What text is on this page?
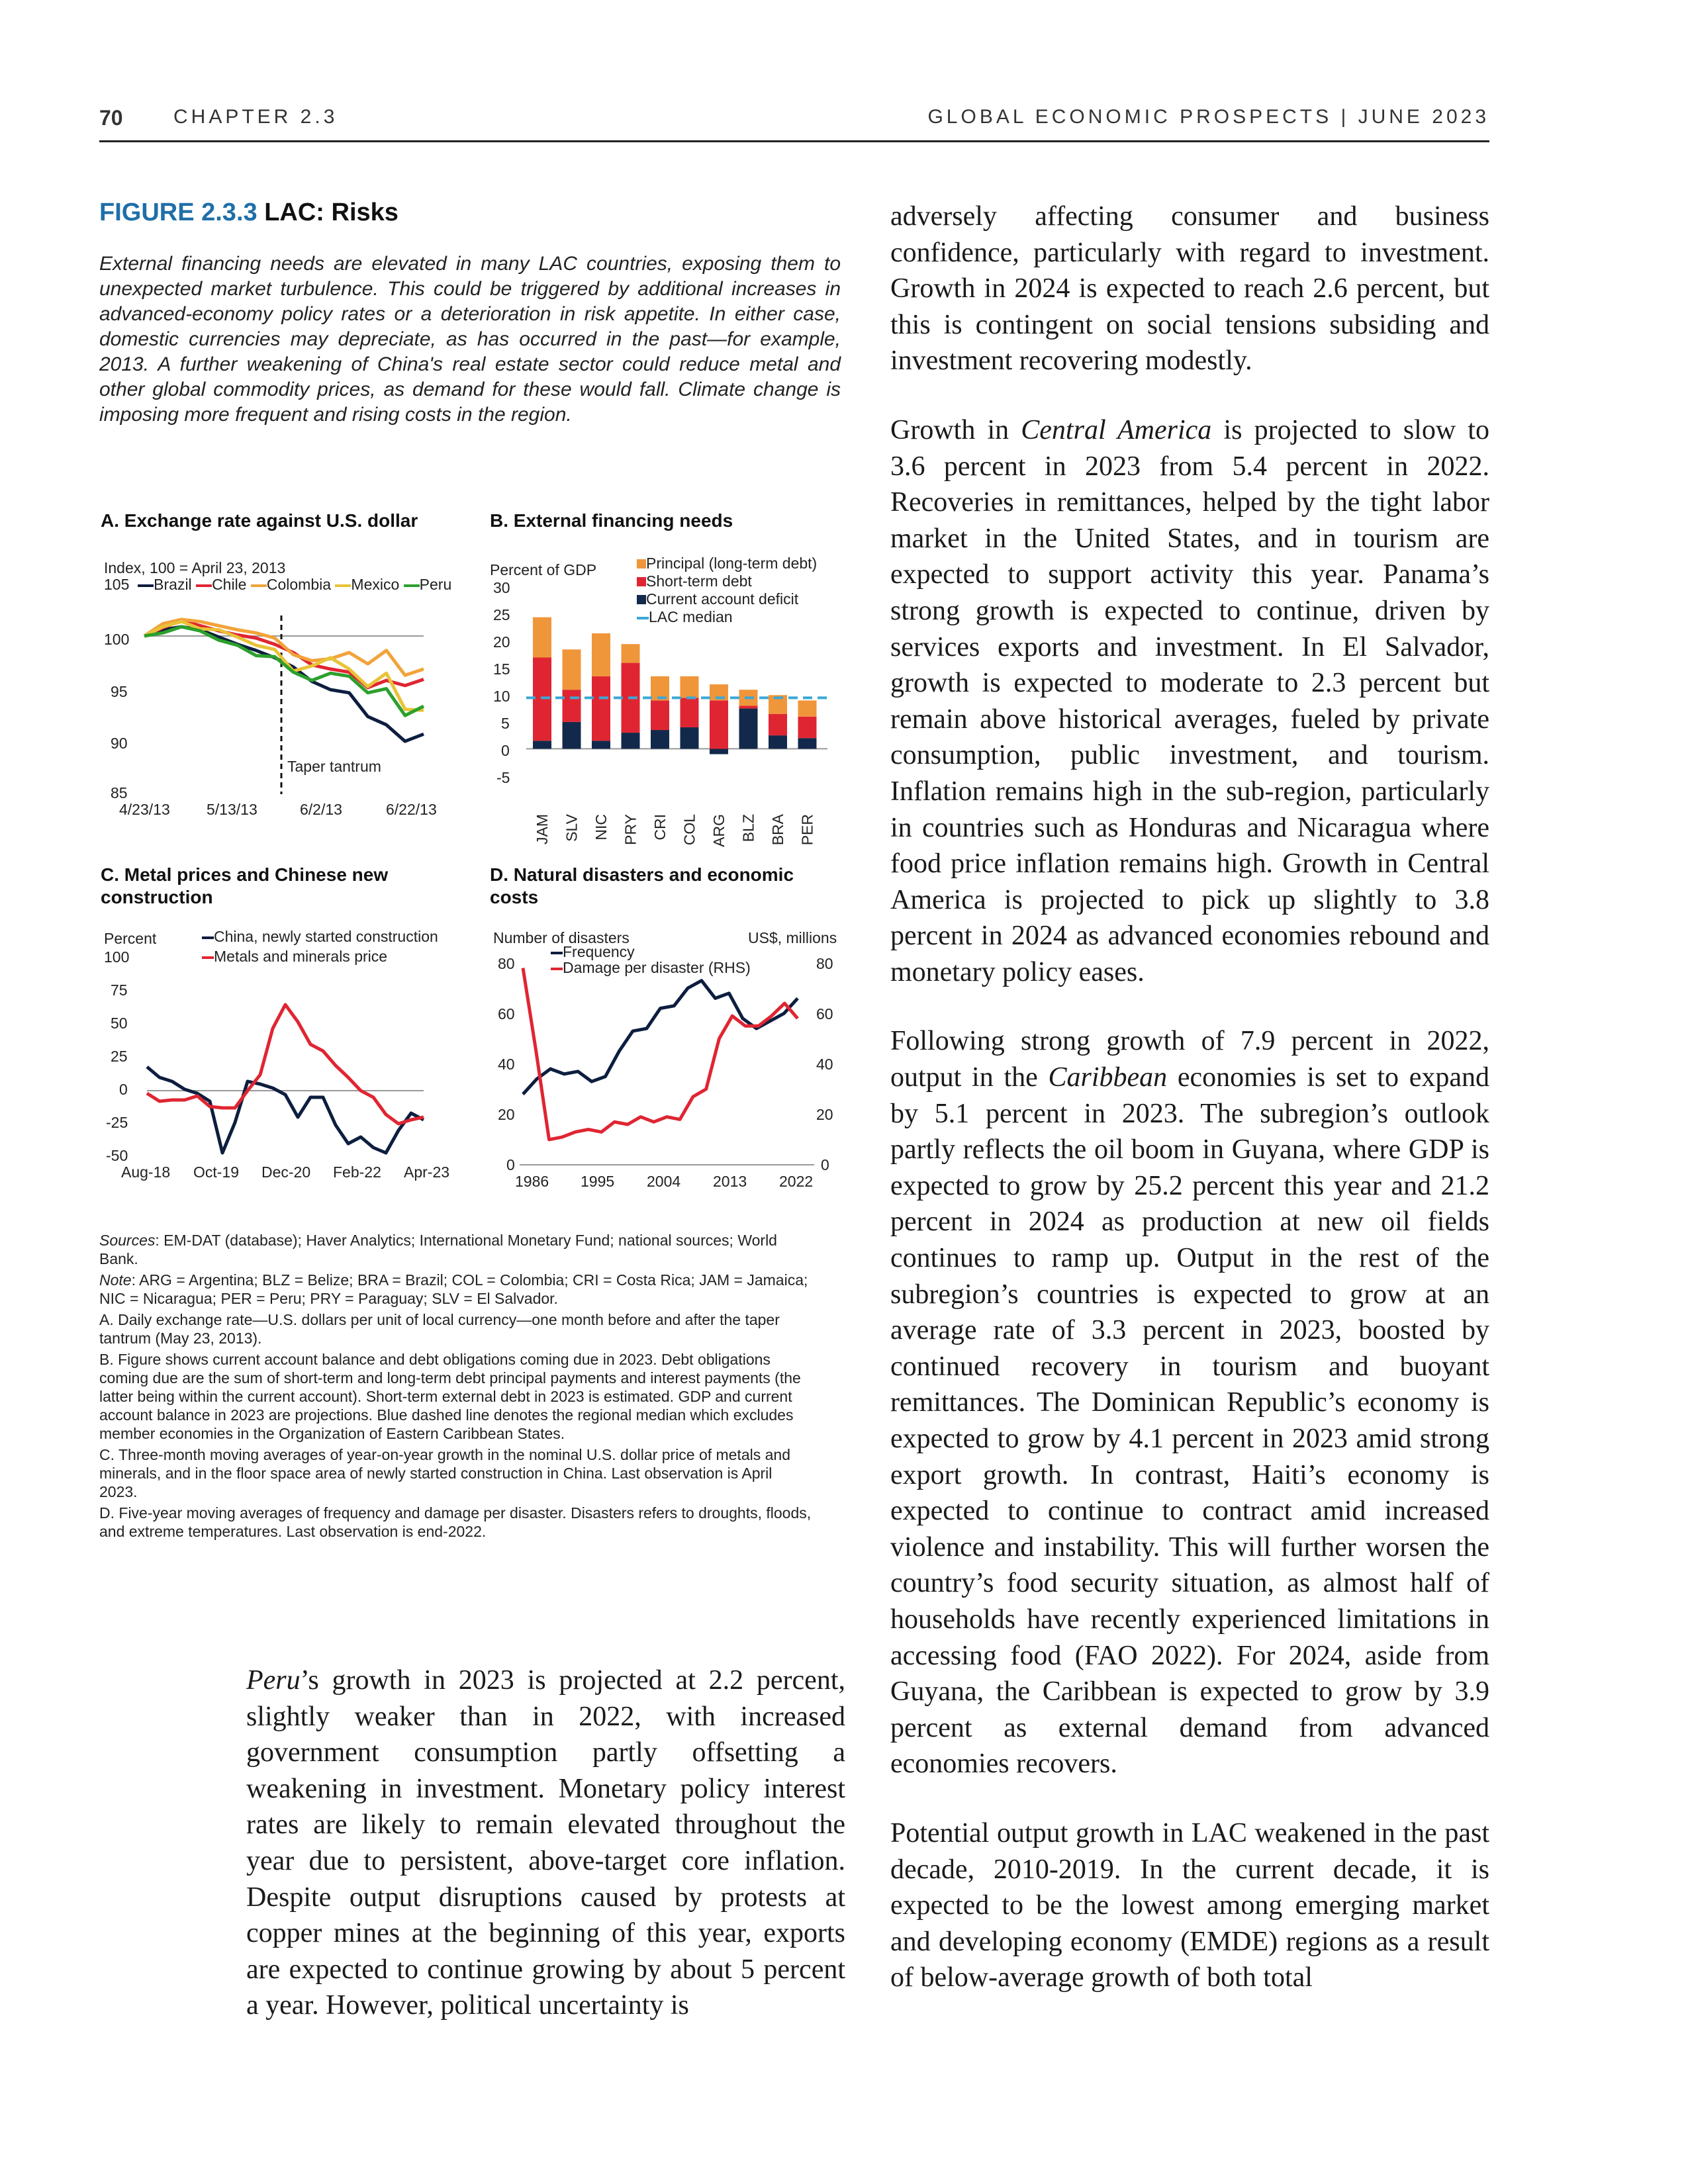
70	CHAPTER 2.3	GLOBAL ECONOMIC PROSPECTS | JUNE 2023
FIGURE 2.3.3 LAC: Risks
External financing needs are elevated in many LAC countries, exposing them to unexpected market turbulence. This could be triggered by additional increases in advanced-economy policy rates or a deterioration in risk appetite. In either case, domestic currencies may depreciate, as has occurred in the past—for example, 2013. A further weakening of China's real estate sector could reduce metal and other global commodity prices, as demand for these would fall. Climate change is imposing more frequent and rising costs in the region.
A. Exchange rate against U.S. dollar	B. External financing needs
C. Metal prices and Chinese new
construction
D. Natural disasters and economic
costs
Index, 100 = April 23, 2013
105 Brazil Chile Colombia Mexico Peru
100
95
90
85
4/23/13 5/13/13	6/2/13	6/22/13
Taper tantrum
Percent of GDP
30
25
20
15
10
5
0
-5
Principal (long-term debt)
Short-term debt
Current account deficit
LAC median
Percent	China, newly started construction
Metals and minerals price
100
75
50
25
0
-25
-50
Aug-18 Oct-19 Dec-20 Feb-22 Apr-23
Number of disasters	US$, millions
Frequency
Damage per disaster (RHS)
80
60
40
20
0
80
60
40
20
0
1986 1995 2004 2013 2022
JAM SLV NIC PRY CRI COL ARG BLZ BRA PER
Sources: EM-DAT (database); Haver Analytics; International Monetary Fund; national sources; World Bank.
Note: ARG = Argentina; BLZ = Belize; BRA = Brazil; COL = Colombia; CRI = Costa Rica; JAM = Jamaica; NIC = Nicaragua; PER = Peru; PRY = Paraguay; SLV = El Salvador.
A. Daily exchange rate—U.S. dollars per unit of local currency—one month before and after the taper tantrum (May 23, 2013).
B. Figure shows current account balance and debt obligations coming due in 2023. Debt obligations coming due are the sum of short-term and long-term debt principal payments and interest payments (the latter being within the current account). Short-term external debt in 2023 is estimated. GDP and current account balance in 2023 are projections. Blue dashed line denotes the regional median which excludes member economies in the Organization of Eastern Caribbean States.
C. Three-month moving averages of year-on-year growth in the nominal U.S. dollar price of metals and minerals, and in the floor space area of newly started construction in China. Last observation is April 2023.
D. Five-year moving averages of frequency and damage per disaster. Disasters refers to droughts, floods, and extreme temperatures. Last observation is end-2022.

Peru’s growth in 2023 is projected at 2.2 percent, slightly weaker than in 2022, with increased government consumption partly offsetting a weakening in investment. Monetary policy interest rates are likely to remain elevated throughout the year due to persistent, above-target core inflation. Despite output disruptions caused by protests at copper mines at the beginning of this year, exports are expected to continue growing by about 5 percent a year. However, political uncertainty is

adversely affecting consumer and business confidence, particularly with regard to investment. Growth in 2024 is expected to reach 2.6 percent, but this is contingent on social tensions subsiding and investment recovering modestly.

Growth in Central America is projected to slow to 3.6 percent in 2023 from 5.4 percent in 2022. Recoveries in remittances, helped by the tight labor market in the United States, and in tourism are expected to support activity this year. Panama’s strong growth is expected to continue, driven by services exports and investment. In El Salvador, growth is expected to moderate to 2.3 percent but remain above historical averages, fueled by private consumption, public investment, and tourism. Inflation remains high in the sub-region, particularly in countries such as Honduras and Nicaragua where food price inflation remains high. Growth in Central America is projected to pick up slightly to 3.8 percent in 2024 as advanced economies rebound and monetary policy eases.

Following strong growth of 7.9 percent in 2022, output in the Caribbean economies is set to expand by 5.1 percent in 2023. The subregion’s outlook partly reflects the oil boom in Guyana, where GDP is expected to grow by 25.2 percent this year and 21.2 percent in 2024 as production at new oil fields continues to ramp up. Output in the rest of the subregion’s countries is expected to grow at an average rate of 3.3 percent in 2023, boosted by continued recovery in tourism and buoyant remittances. The Dominican Republic’s economy is expected to grow by 4.1 percent in 2023 amid strong export growth. In contrast, Haiti’s economy is expected to continue to contract amid increased violence and instability. This will further worsen the country’s food security situation, as almost half of households have recently experienced limitations in accessing food (FAO 2022). For 2024, aside from Guyana, the Caribbean is expected to grow by 3.9 percent as external demand from advanced economies recovers.

Potential output growth in LAC weakened in the past decade, 2010-2019. In the current decade, it is expected to be the lowest among emerging market and developing economy (EMDE) regions as a result of below-average growth of both total
